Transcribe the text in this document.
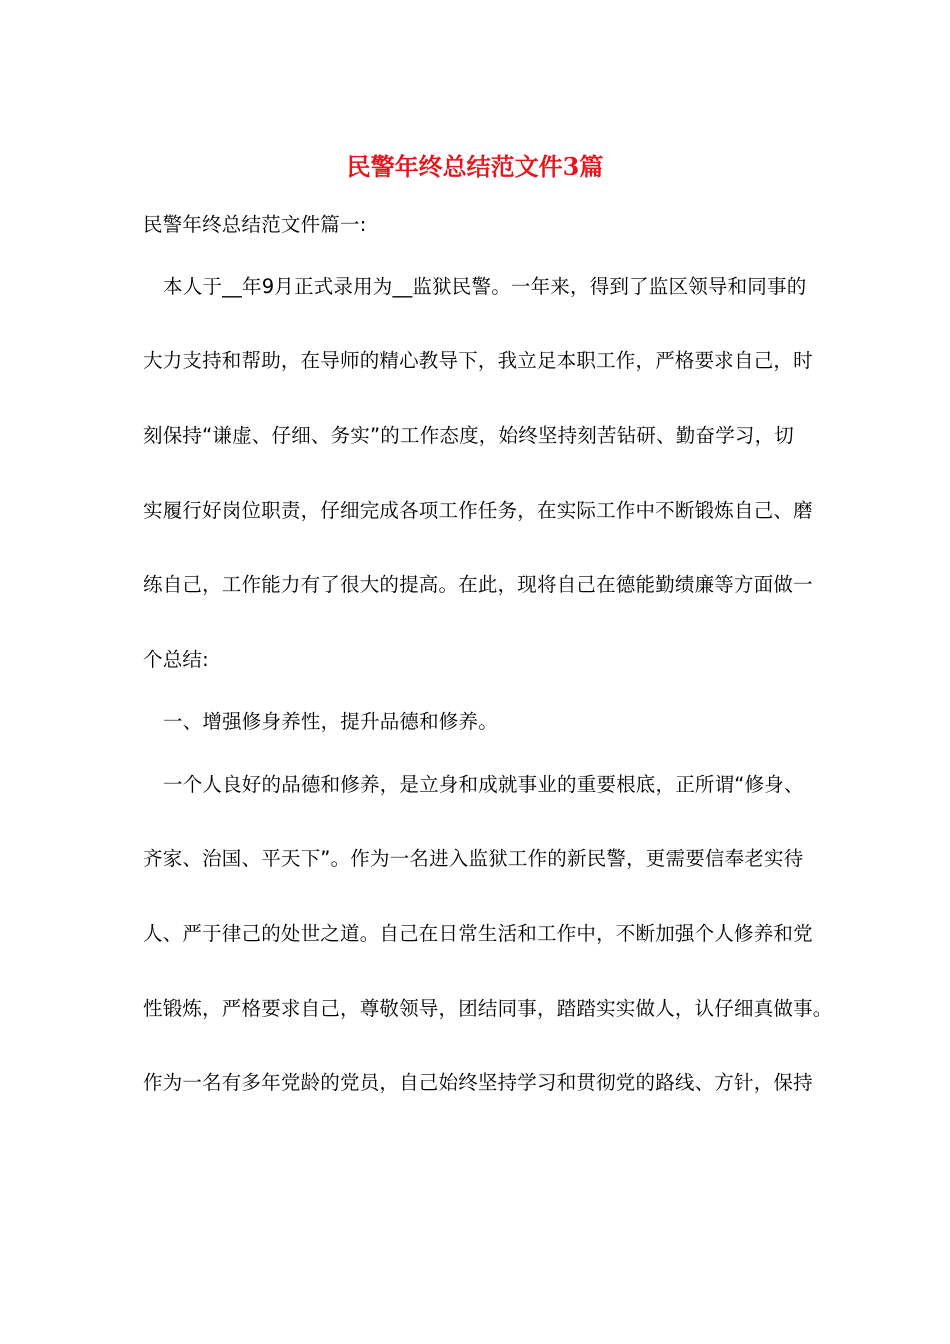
民警年终总结范文件3篇
民警年终总结范文件篇一:
本人于__年9月正式录用为__监狱民警。一年来，得到了监区领导和同事的
大力支持和帮助，在导师的精心教导下，我立足本职工作，严格要求自己，时
刻保持“谦虚、仔细、务实”的工作态度，始终坚持刻苦钻研、勤奋学习，切
实履行好岗位职责，仔细完成各项工作任务，在实际工作中不断锻炼自己、磨
练自己，工作能力有了很大的提高。在此，现将自己在德能勤绩廉等方面做一
个总结:
一、增强修身养性，提升品德和修养。
一个人良好的品德和修养，是立身和成就事业的重要根底，正所谓“修身、
齐家、治国、平天下”。作为一名进入监狱工作的新民警，更需要信奉老实待
人、严于律己的处世之道。自己在日常生活和工作中，不断加强个人修养和党
性锻炼，严格要求自己，尊敬领导，团结同事，踏踏实实做人，认仔细真做事。
作为一名有多年党龄的党员，自己始终坚持学习和贯彻党的路线、方针，保持
